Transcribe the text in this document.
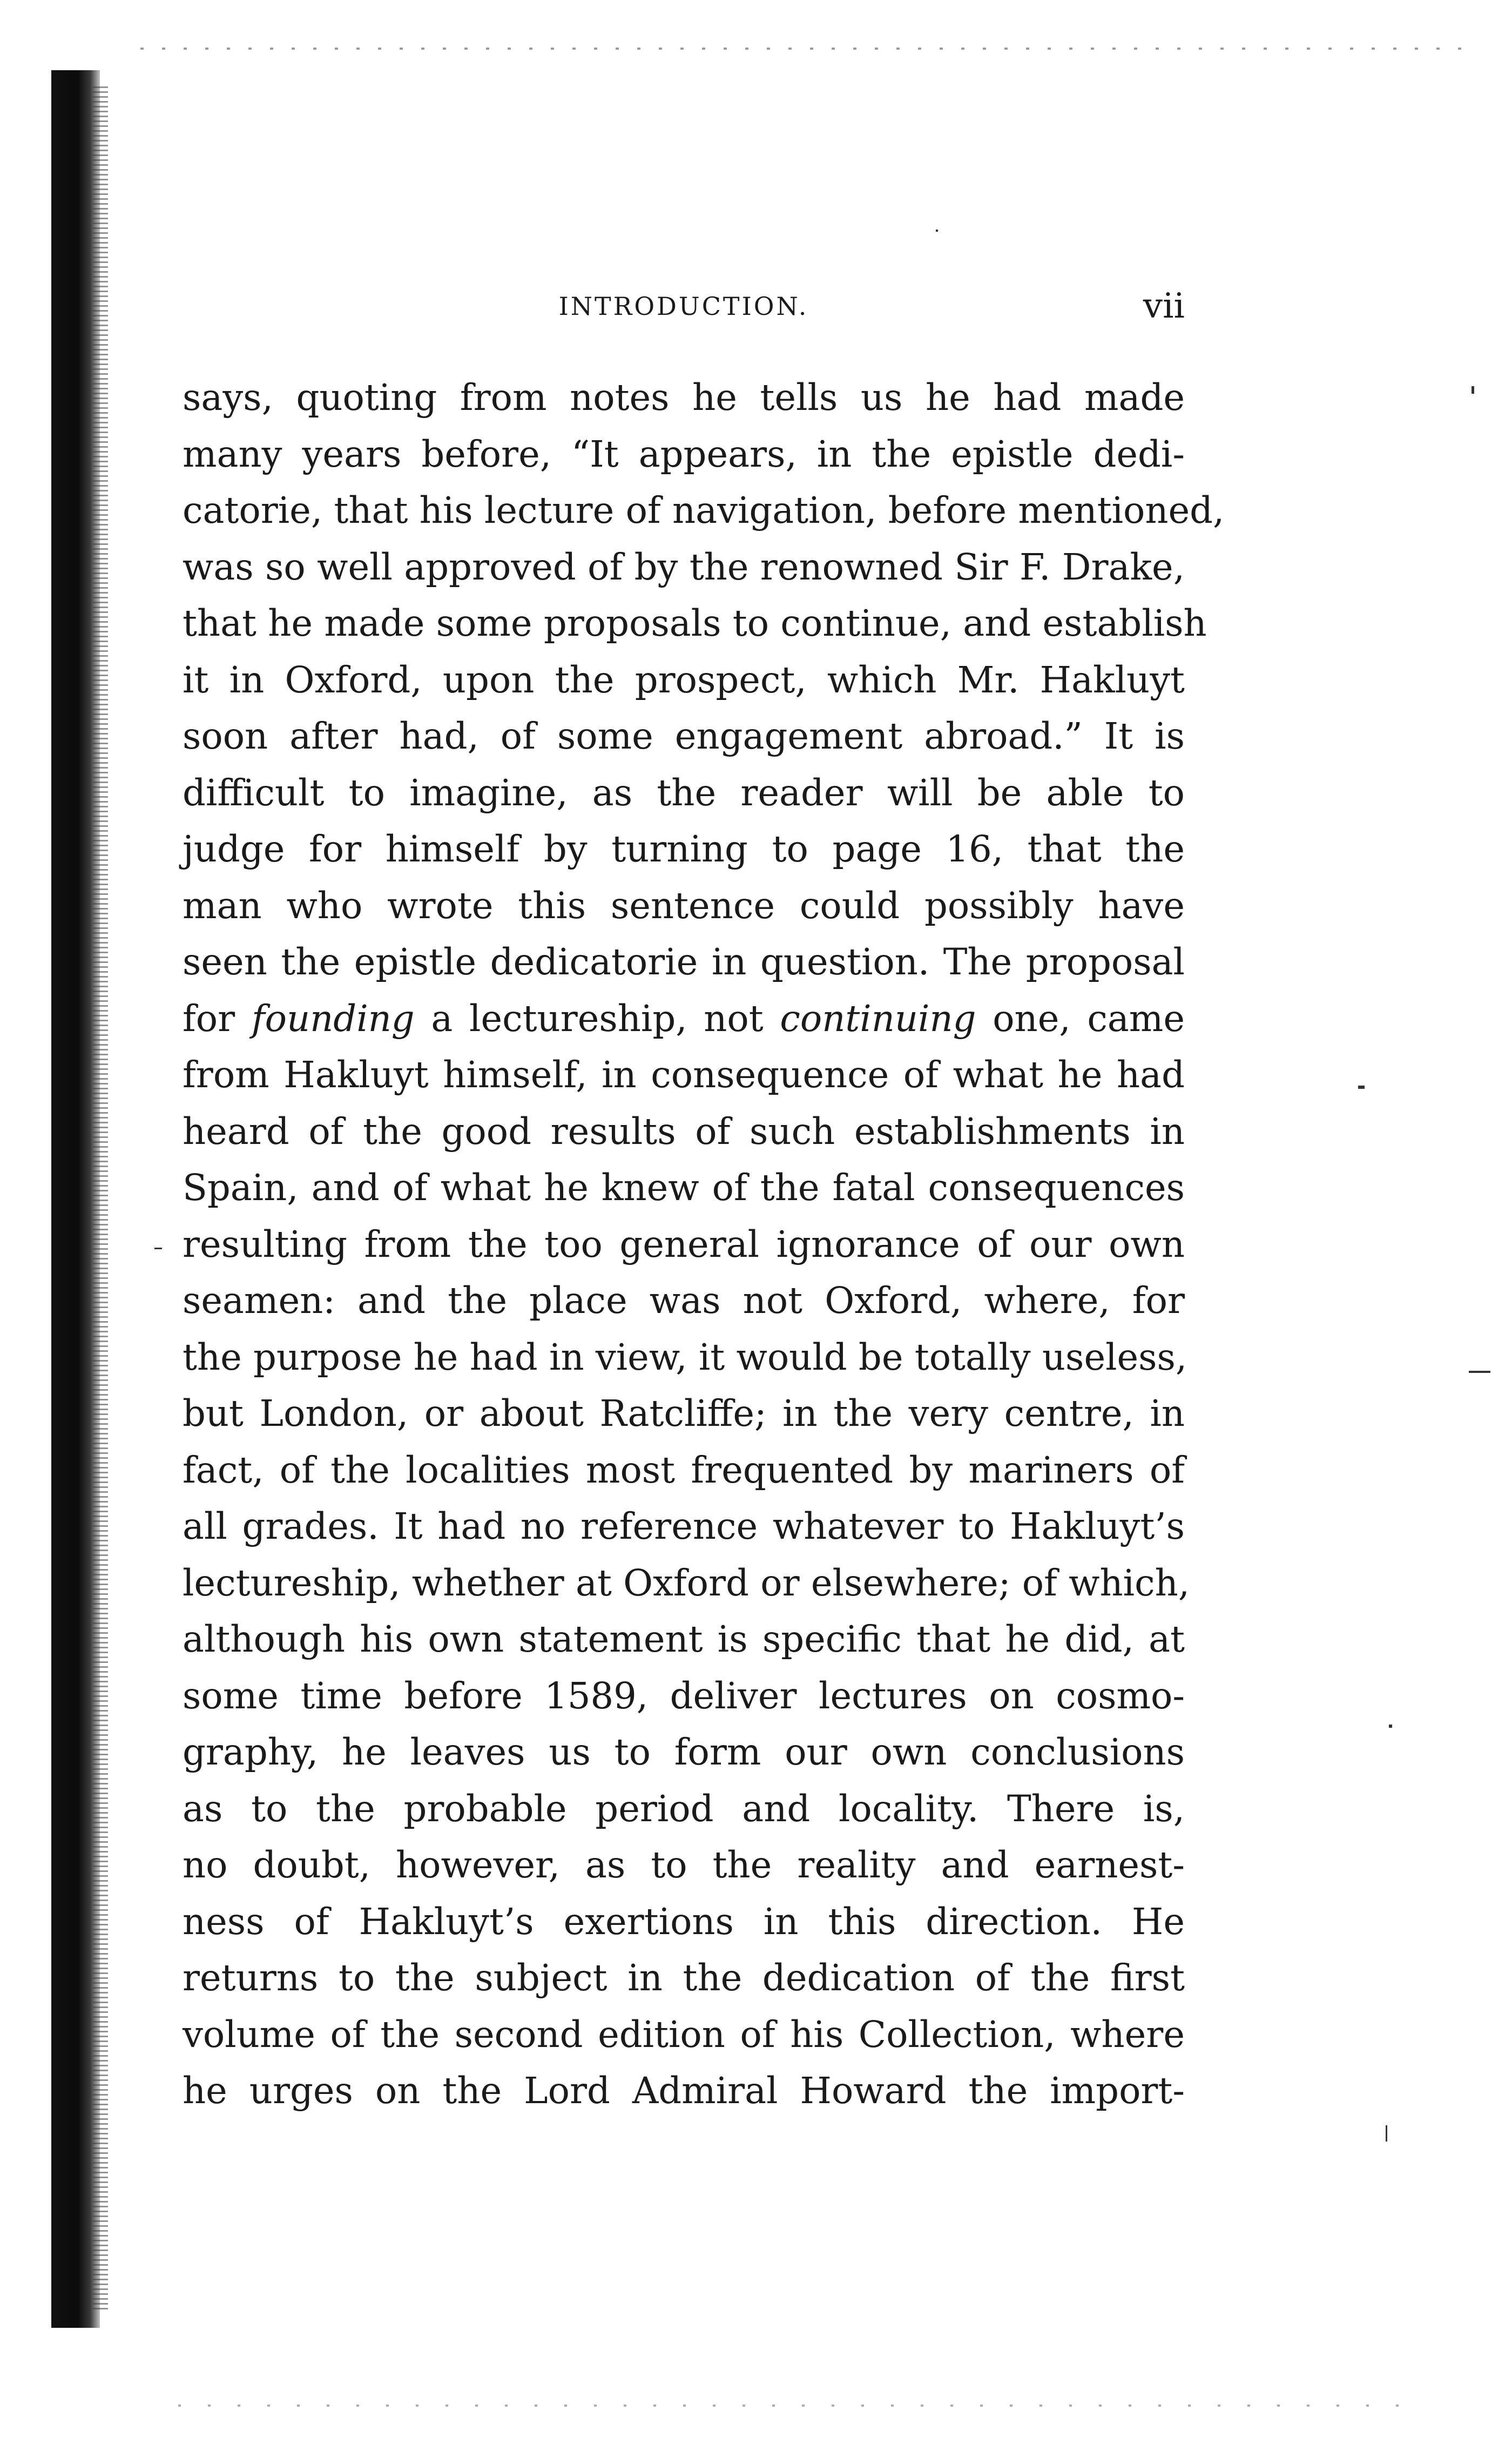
INTRODUCTION.	vii
says, quoting from notes he tells us he had made
many years before, “It appears, in the epistle dedi-
catorie, that his lecture of navigation, before mentioned,
was so well approved of by the renowned Sir F. Drake,
that he made some proposals to continue, and establish
it in Oxford, upon the prospect, which Mr. Hakluyt
soon after had, of some engagement abroad.” It is
difficult to imagine, as the reader will be able to
judge for himself by turning to page 16, that the
man who wrote this sentence could possibly have
seen the epistle dedicatorie in question. The proposal
for founding a lectureship, not continuing one, came
from Hakluyt himself, in consequence of what he had
heard of the good results of such establishments in
Spain, and of what he knew of the fatal consequences
resulting from the too general ignorance of our own
seamen: and the place was not Oxford, where, for
the purpose he had in view, it would be totally useless,
but London, or about Ratcliffe; in the very centre, in
fact, of the localities most frequented by mariners of
all grades. It had no reference whatever to Hakluyt’s
lectureship, whether at Oxford or elsewhere; of which,
although his own statement is specific that he did, at
some time before 1589, deliver lectures on cosmo-
graphy, he leaves us to form our own conclusions
as to the probable period and locality. There is,
no doubt, however, as to the reality and earnest-
ness of Hakluyt’s exertions in this direction. He
returns to the subject in the dedication of the first
volume of the second edition of his Collection, where
he urges on the Lord Admiral Howard the import-
